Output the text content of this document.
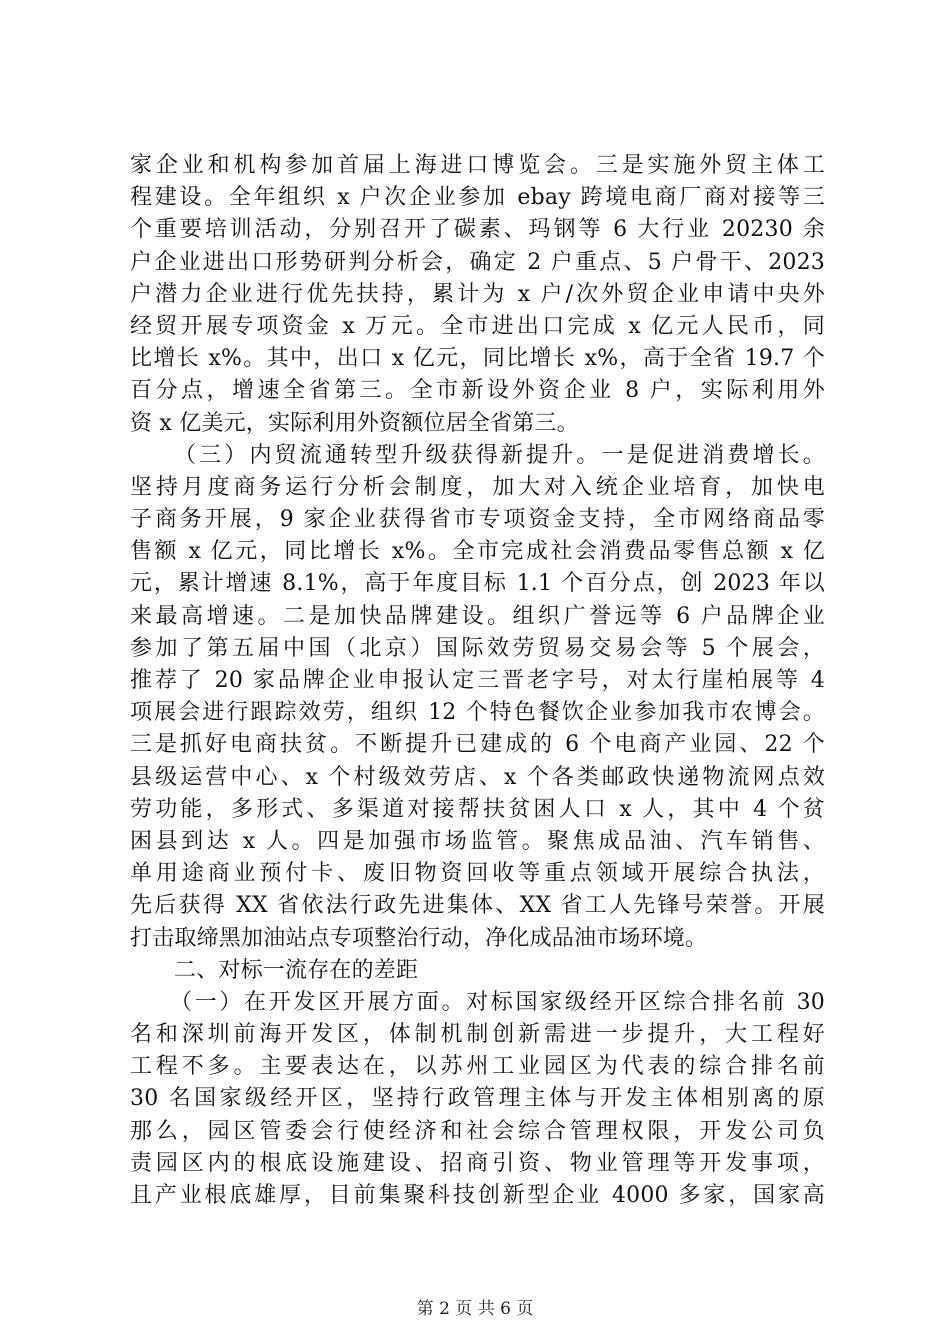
家企业和机构参加首届上海进口博览会。三是实施外贸主体工
程建设。全年组织 x 户次企业参加 ebay 跨境电商厂商对接等三
个重要培训活动，分别召开了碳素、玛钢等 6 大行业 20230 余
户企业进出口形势研判分析会，确定 2 户重点、5 户骨干、2023
户潜力企业进行优先扶持，累计为 x 户/次外贸企业申请中央外
经贸开展专项资金 x 万元。全市进出口完成 x 亿元人民币，同
比增长 x%。其中，出口 x 亿元，同比增长 x%，高于全省 19.7 个
百分点，增速全省第三。全市新设外资企业 8 户，实际利用外
资 x 亿美元，实际利用外资额位居全省第三。
（三）内贸流通转型升级获得新提升。一是促进消费增长。
坚持月度商务运行分析会制度，加大对入统企业培育，加快电
子商务开展，9 家企业获得省市专项资金支持，全市网络商品零
售额 x 亿元，同比增长 x%。全市完成社会消费品零售总额 x 亿
元，累计增速 8.1%，高于年度目标 1.1 个百分点，创 2023 年以
来最高增速。二是加快品牌建设。组织广誉远等 6 户品牌企业
参加了第五届中国（北京）国际效劳贸易交易会等 5 个展会，
推荐了 20 家品牌企业申报认定三晋老字号，对太行崖柏展等 4
项展会进行跟踪效劳，组织 12 个特色餐饮企业参加我市农博会。
三是抓好电商扶贫。不断提升已建成的 6 个电商产业园、22 个
县级运营中心、x 个村级效劳店、x 个各类邮政快递物流网点效
劳功能，多形式、多渠道对接帮扶贫困人口 x 人，其中 4 个贫
困县到达 x 人。四是加强市场监管。聚焦成品油、汽车销售、
单用途商业预付卡、废旧物资回收等重点领域开展综合执法，
先后获得 XX 省依法行政先进集体、XX 省工人先锋号荣誉。开展
打击取缔黑加油站点专项整治行动，净化成品油市场环境。
二、对标一流存在的差距
（一）在开发区开展方面。对标国家级经开区综合排名前 30
名和深圳前海开发区，体制机制创新需进一步提升，大工程好
工程不多。主要表达在，以苏州工业园区为代表的综合排名前
30 名国家级经开区，坚持行政管理主体与开发主体相别离的原
那么，园区管委会行使经济和社会综合管理权限，开发公司负
责园区内的根底设施建设、招商引资、物业管理等开发事项，
且产业根底雄厚，目前集聚科技创新型企业 4000 多家，国家高
第 2 页 共 6 页
